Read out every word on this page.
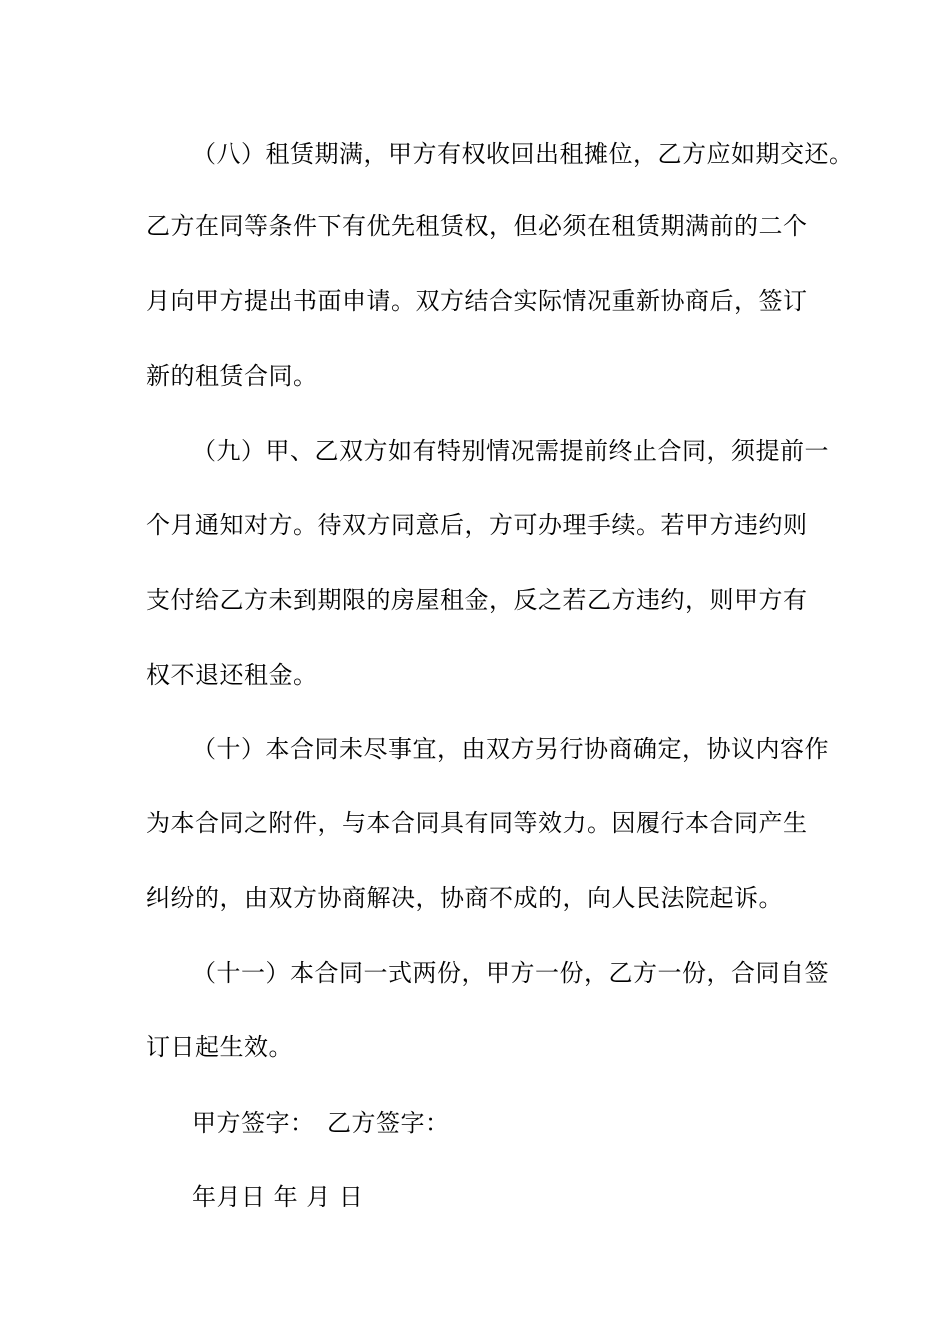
（八）租赁期满，甲方有权收回出租摊位，乙方应如期交还。
乙方在同等条件下有优先租赁权，但必须在租赁期满前的二个
月向甲方提出书面申请。双方结合实际情况重新协商后，签订
新的租赁合同。
（九）甲、乙双方如有特别情况需提前终止合同，须提前一
个月通知对方。待双方同意后，方可办理手续。若甲方违约则
支付给乙方未到期限的房屋租金，反之若乙方违约，则甲方有
权不退还租金。
（十）本合同未尽事宜，由双方另行协商确定，协议内容作
为本合同之附件，与本合同具有同等效力。因履行本合同产生
纠纷的，由双方协商解决，协商不成的，向人民法院起诉。
（十一）本合同一式两份，甲方一份，乙方一份，合同自签
订日起生效。
甲方签字：　乙方签字：
年月日 年 月 日
